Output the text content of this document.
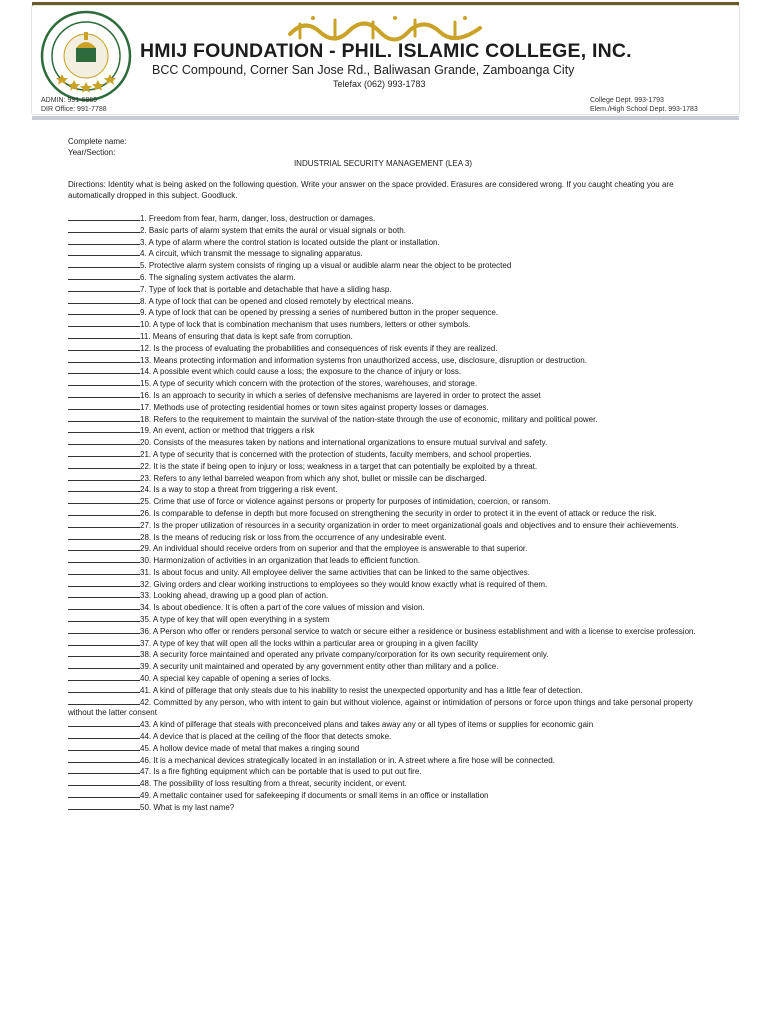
HMIJ FOUNDATION - PHIL. ISLAMIC COLLEGE, INC.
BCC Compound, Corner San Jose Rd., Baliwasan Grande, Zamboanga City
Telefax (062) 993-1783
ADMIN: 991-6869
DIR Office: 991-7788
College Dept. 993-1793
Elem./High School Dept. 993-1783
Complete name:
Year/Section:
INDUSTRIAL SECURITY MANAGEMENT (LEA 3)
Directions: Identity what is being asked on the following question. Write your answer on the space provided. Erasures are considered wrong. If you caught cheating you are automatically dropped in this subject. Goodluck.
1. Freedom from fear, harm, danger, loss, destruction or damages.
2. Basic parts of alarm system that emits the aural or visual signals or both.
3. A type of alarm where the control station is located outside the plant or installation.
4. A circuit, which transmit the message to signaling apparatus.
5. Protective alarm system consists of ringing up a visual or audible alarm near the object to be protected
6. The signaling system activates the alarm.
7. Type of lock that is portable and detachable that have a sliding hasp.
8. A type of lock that can be opened and closed remotely by electrical means.
9. A type of lock that can be opened by pressing a series of numbered button in the proper sequence.
10. A type of lock that is combination mechanism that uses numbers, letters or other symbols.
11. Means of ensuring that data is kept safe from corruption.
12. Is the process of evaluating the probabilities and consequences of risk events if they are realized.
13. Means protecting information and information systems fron unauthorized access, use, disclosure, disruption or destruction.
14. A possible event which could cause a loss; the exposure to the chance of injury or loss.
15. A type of security which concern with the protection of the stores, warehouses, and storage.
16. Is an approach to security in which a series of defensive mechanisms are layered in order to protect the asset
17. Methods use of protecting residential homes or town sites against property losses or damages.
18. Refers to the requirement to maintain the survival of the nation-state through the use of economic, military and political power.
19. An event, action or method that triggers a risk
20. Consists of the measures taken by nations and international organizations to ensure mutual survival and safety.
21. A type of security that is concerned with the protection of students, faculty members, and school properties.
22. It is the state if being open to injury or loss; weakness in a target that can potentially be exploited by a threat.
23. Refers to any lethal barreled weapon from which any shot, bullet or missile can be discharged.
24. Is a way to stop a threat from triggering a risk event.
25. Crime that use of force or violence against persons or property for purposes of intimidation, coercion, or ransom.
26. Is comparable to defense in depth but more focused on strengthening the security in order to protect it in the event of attack or reduce the risk.
27. Is the proper utilization of resources in a security organization in order to meet organizational goals and objectives and to ensure their achievements.
28. Is the means of reducing risk or loss from the occurrence of any undesirable event.
29. An individual should receive orders from on superior and that the employee is answerable to that superior.
30. Harmonization of activities in an organization that leads to efficient function.
31. Is about focus and unity. All employee deliver the same activities that can be linked to the same objectives.
32. Giving orders and clear working instructions to employees so they would know exactly what is required of them.
33. Looking ahead, drawing up a good plan of action.
34. Is about obedience. It is often a part of the core values of mission and vision.
35. A type of key that will open everything in a system
36. A Person who offer or renders personal service to watch or secure either a residence or business establishment and with a license to exercise profession.
37. A type of key that will open all the locks within a particular area or grouping in a given facility
38. A security force maintained and operated any private company/corporation for its own security requirement only.
39. A security unit maintained and operated by any government entity other than military and a police.
40. A special key capable of opening a series of locks.
41. A kind of pilferage that only steals due to his inability to resist the unexpected opportunity and has a little fear of detection.
42. Committed by any person, who with intent to gain but without violence, against or intimidation of persons or force upon things and take personal property without the latter consent
43. A kind of pilferage that steals with preconceived plans and takes away any or all types of items or supplies for economic gain
44. A device that is placed at the ceiling of the floor that detects smoke.
45. A hollow device made of metal that makes a ringing sound
46. It is a mechanical devices strategically located in an installation or in. A street where a fire hose will be connected.
47. Is a fire fighting equipment which can be portable that is used to put out fire.
48. The possibility of loss resulting from a threat, security incident, or event.
49. A mettalic container used for safekeeping if documents or small items in an office or installation
50. What is my last name?
